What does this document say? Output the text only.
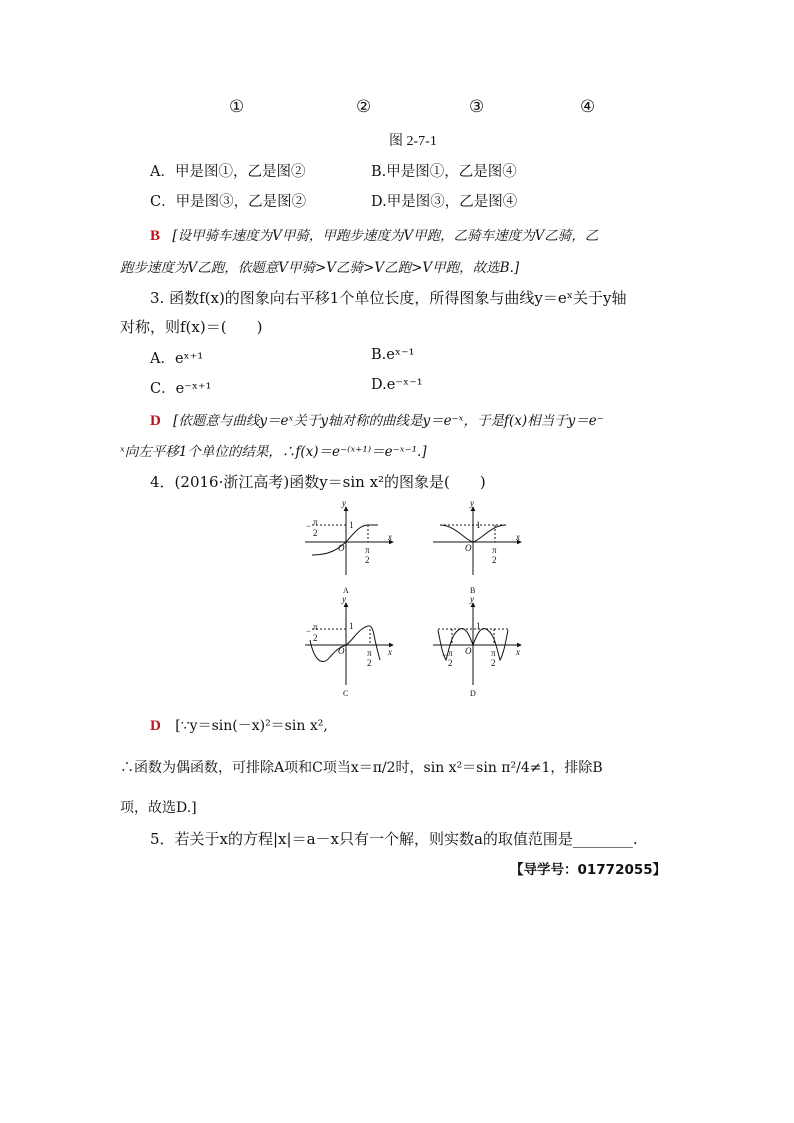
①	②	③	④
图 2-7-1
A．甲是图①，乙是图②	B.甲是图①，乙是图④
C．甲是图③，乙是图②	D.甲是图③，乙是图④
B [设甲骑车速度为V甲骑，甲跑步速度为V甲跑，乙骑车速度为V乙骑，乙
跑步速度为V乙跑，依题意V甲骑>V乙骑>V乙跑>V甲跑，故选B.]
3. 函数f(x)的图象向右平移1个单位长度，所得图象与曲线y＝eˣ关于y轴
对称，则f(x)＝(　　)
A．eˣ⁺¹	B.eˣ⁻¹
C．e⁻ˣ⁺¹	D.e⁻ˣ⁻¹
D [依题意与曲线y＝eˣ关于y轴对称的曲线是y＝e⁻ˣ，于是f(x)相当于y＝e⁻
ˣ向左平移1个单位的结果，∴f(x)＝e⁻⁽ˣ⁺¹⁾＝e⁻ˣ⁻¹.]
4．(2016·浙江高考)函数y＝sin x²的图象是(　　)
y
x
O
1
− π
2
π
2
A
y
x
O
1
π
2
B
y
x
O
1
− π
2
π
2
C
y
x
O
1
− π
2
π
2
D
D [∵y＝sin(－x)²＝sin x²,
∴函数为偶函数，可排除A项和C项当x＝π/2时，sin x²＝sin π²/4≠1，排除B
项，故选D.]
5．若关于x的方程|x|＝a－x只有一个解，则实数a的取值范围是________.
【导学号：01772055】
